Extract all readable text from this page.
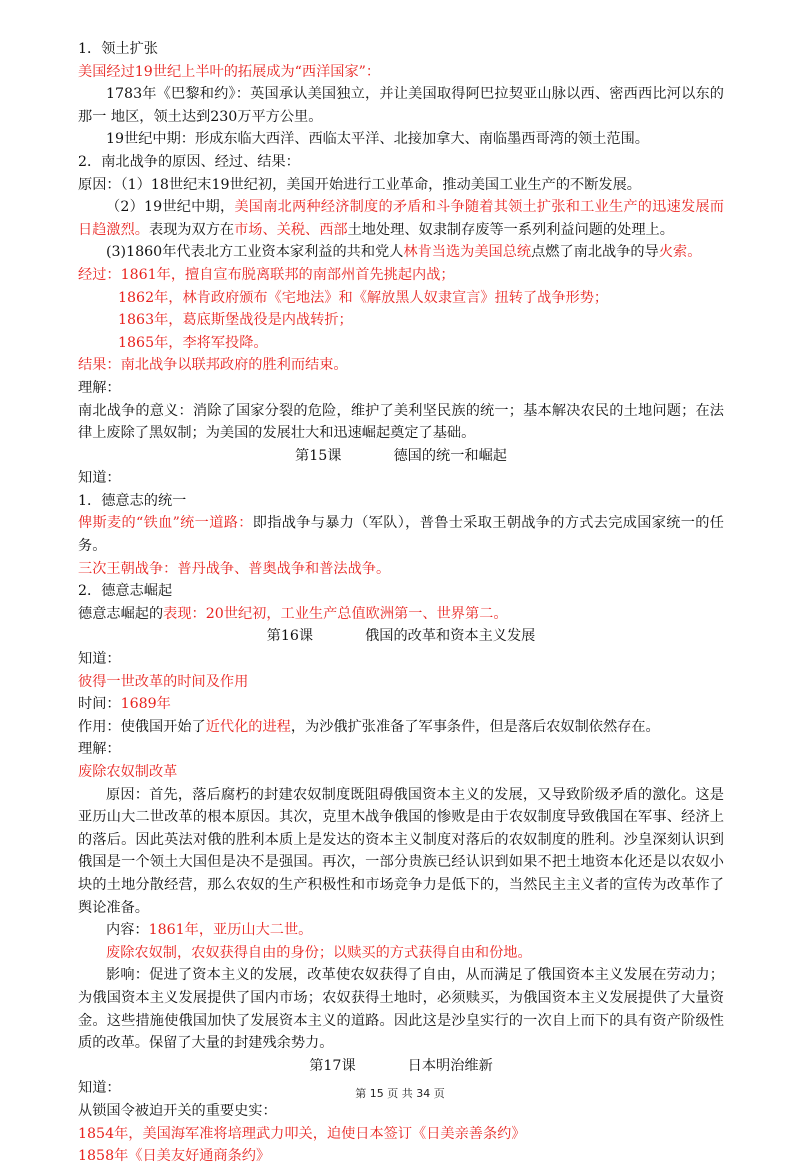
1．领土扩张
美国经过19世纪上半叶的拓展成为“西洋国家”：
1783年《巴黎和约》：英国承认美国独立，并让美国取得阿巴拉契亚山脉以西、密西西比河以东的那一 地区，领土达到230万平方公里。
19世纪中期：形成东临大西洋、西临太平洋、北接加拿大、南临墨西哥湾的领土范围。
2．南北战争的原因、经过、结果：
原因：（1）18世纪末19世纪初，美国开始进行工业革命，推动美国工业生产的不断发展。
（2）19世纪中期，美国南北两种经济制度的矛盾和斗争随着其领土扩张和工业生产的迅速发展而日趋激烈。表现为双方在市场、关税、西部土地处理、奴隶制存废等一系列利益问题的处理上。
(3)1860年代表北方工业资本家利益的共和党人林肯当选为美国总统点燃了南北战争的导火索。
经过：1861年，擅自宣布脱离联邦的南部州首先挑起内战；
1862年，林肯政府颁布《宅地法》和《解放黑人奴隶宣言》扭转了战争形势；
1863年，葛底斯堡战役是内战转折；
1865年，李将军投降。
结果：南北战争以联邦政府的胜利而结束。
理解：
南北战争的意义：消除了国家分裂的危险，维护了美利坚民族的统一；基本解决农民的土地问题；在法律上废除了黑奴制；为美国的发展壮大和迅速崛起奠定了基础。
第15课	德国的统一和崛起
知道：
1．德意志的统一
俾斯麦的“铁血”统一道路：即指战争与暴力（军队），普鲁士采取王朝战争的方式去完成国家统一的任务。
三次王朝战争：普丹战争、普奥战争和普法战争。
2．德意志崛起
德意志崛起的表现：20世纪初，工业生产总值欧洲第一、世界第二。
第16课	俄国的改革和资本主义发展
知道：
彼得一世改革的时间及作用
时间：1689年
作用：使俄国开始了近代化的进程，为沙俄扩张准备了军事条件，但是落后农奴制依然存在。
理解：
废除农奴制改革
原因：首先，落后腐朽的封建农奴制度既阻碍俄国资本主义的发展，又导致阶级矛盾的激化。这是亚历山大二世改革的根本原因。其次，克里木战争俄国的惨败是由于农奴制度导致俄国在军事、经济上的落后。因此英法对俄的胜利本质上是发达的资本主义制度对落后的农奴制度的胜利。沙皇深刻认识到俄国是一个领土大国但是决不是强国。再次，一部分贵族已经认识到如果不把土地资本化还是以农奴小块的土地分散经营，那么农奴的生产积极性和市场竞争力是低下的，当然民主主义者的宣传为改革作了舆论准备。
内容：1861年，亚历山大二世。
废除农奴制，农奴获得自由的身份；以赎买的方式获得自由和份地。
影响：促进了资本主义的发展，改革使农奴获得了自由，从而满足了俄国资本主义发展在劳动力；为俄国资本主义发展提供了国内市场；农奴获得土地时，必须赎买，为俄国资本主义发展提供了大量资金。这些措施使俄国加快了发展资本主义的道路。因此这是沙皇实行的一次自上而下的具有资产阶级性质的改革。保留了大量的封建残余势力。
第17课	日本明治维新
知道：
从锁国令被迫开关的重要史实：
1854年，美国海军准将培理武力叩关，迫使日本签订《日美亲善条约》
1858年《日美友好通商条约》
第 15 页 共 34 页
